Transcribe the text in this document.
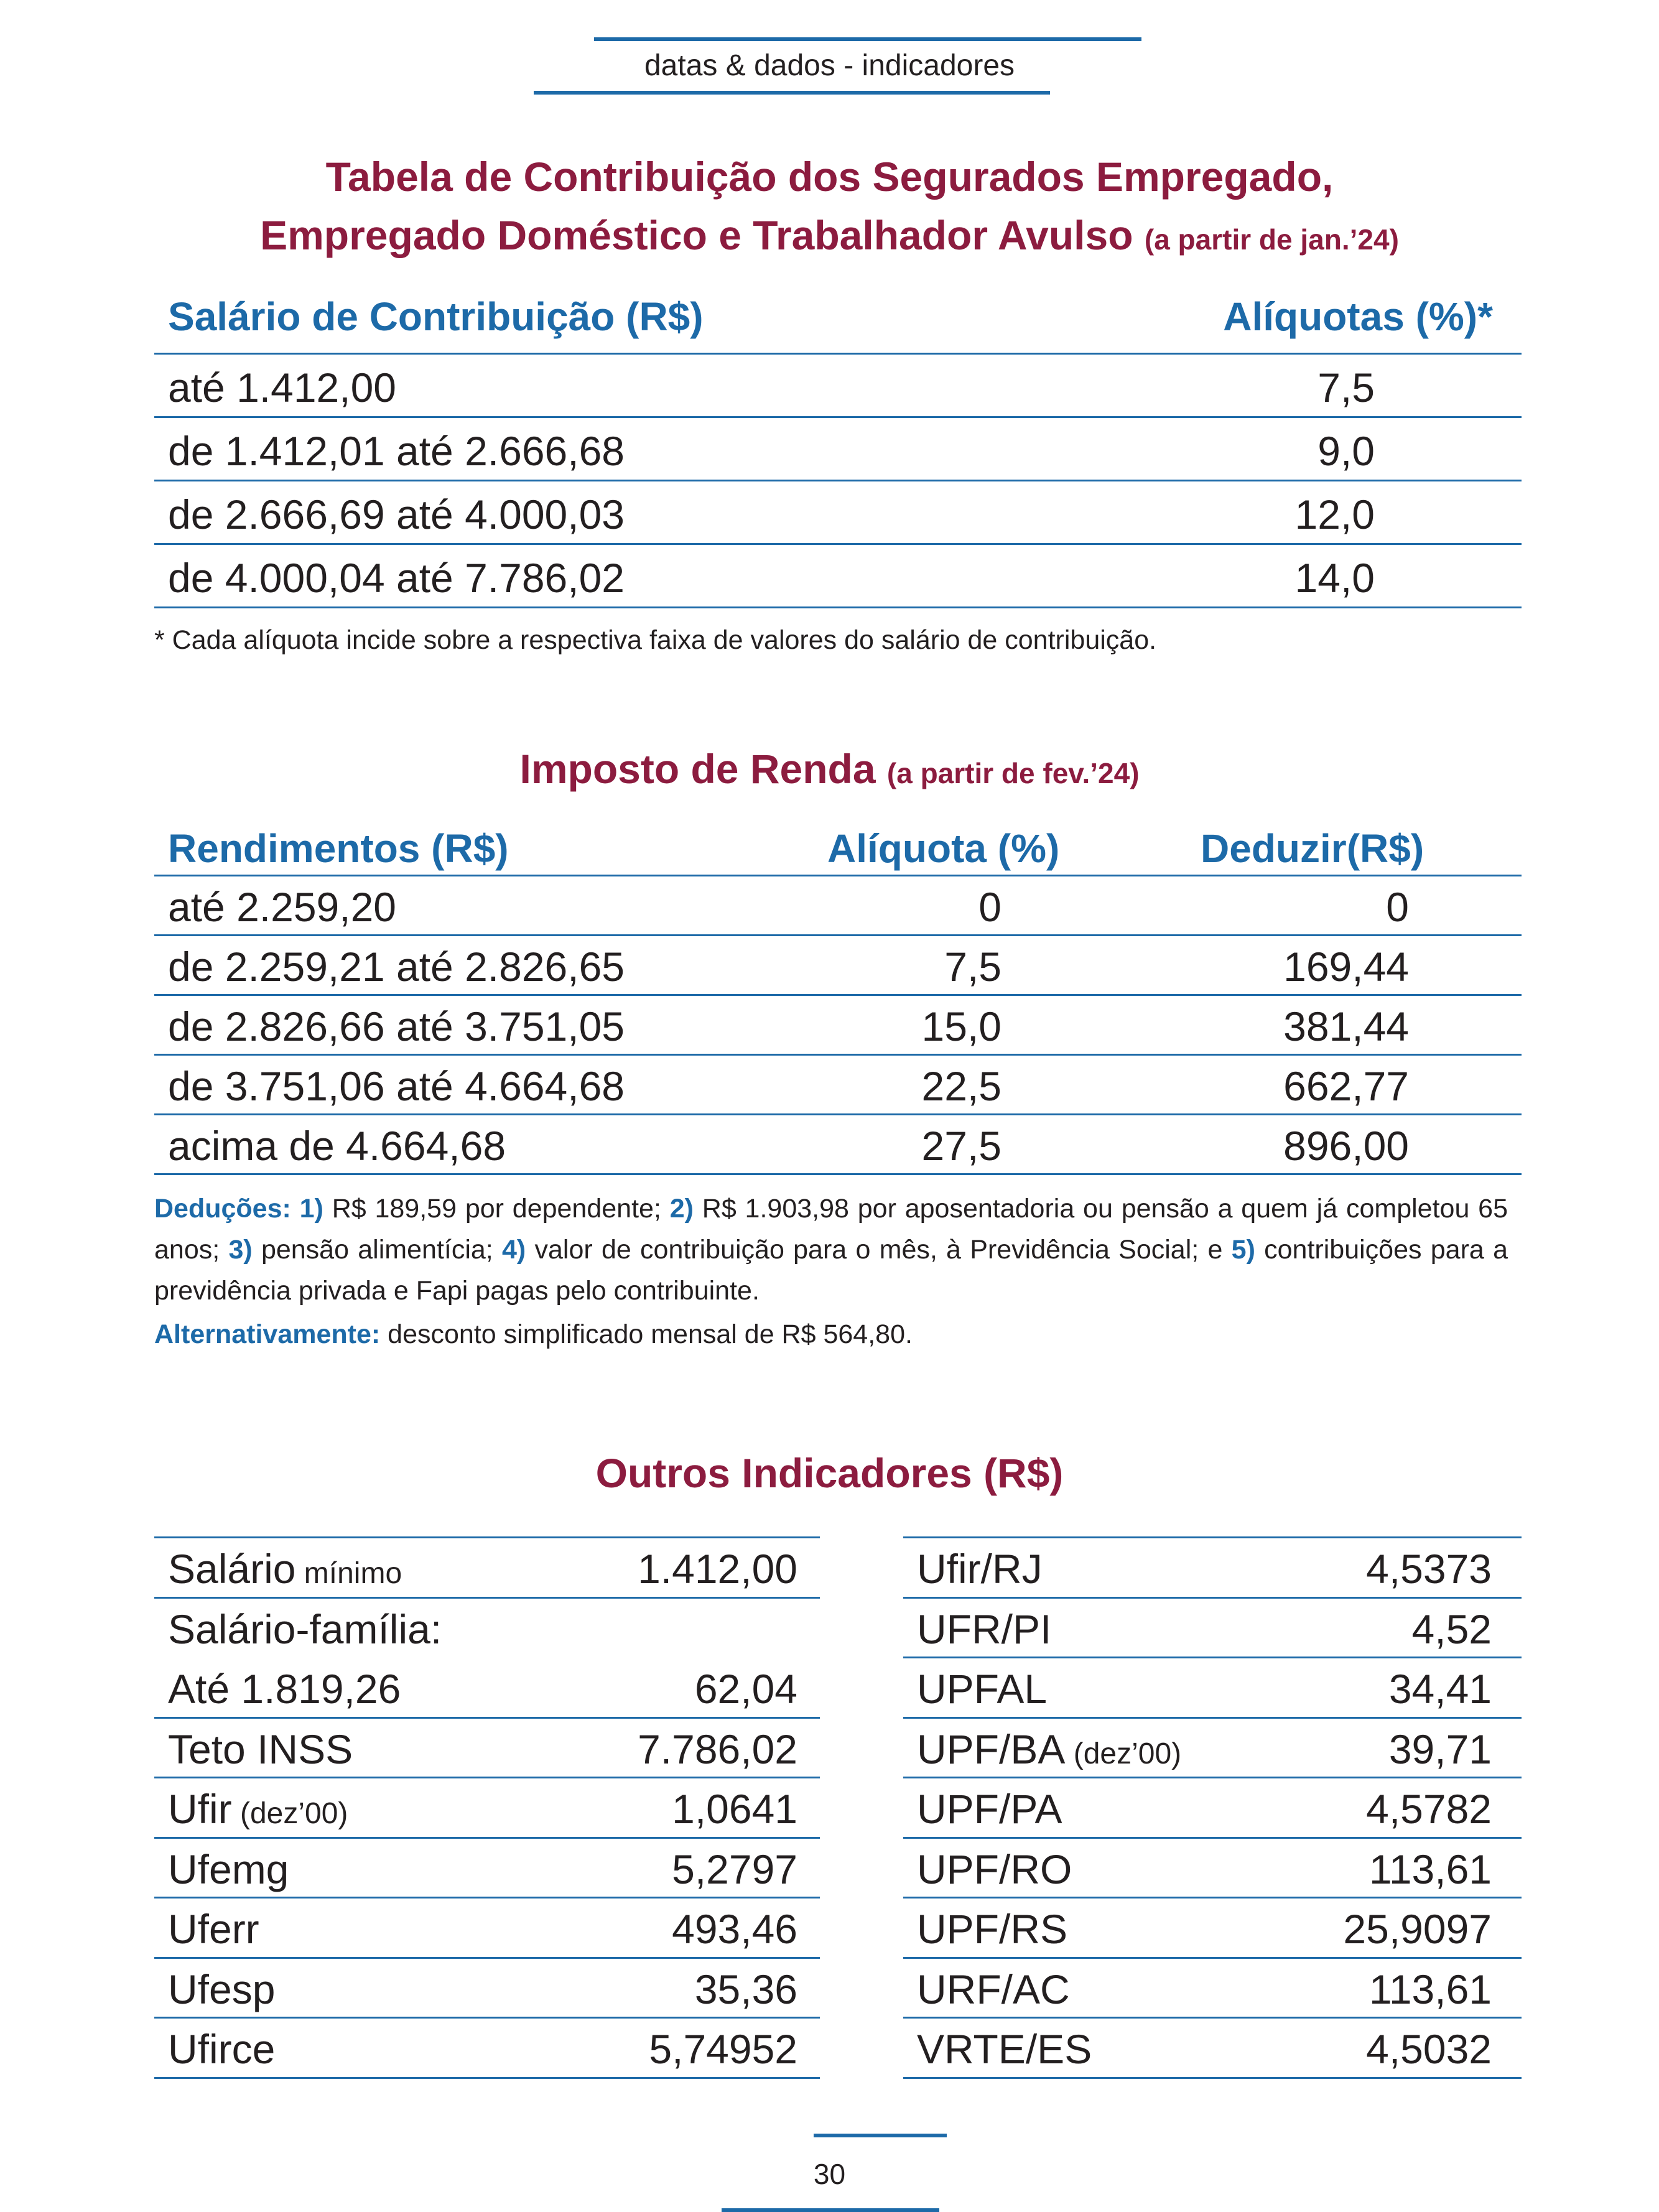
datas & dados - indicadores
Tabela de Contribuição dos Segurados Empregado,
Empregado Doméstico e Trabalhador Avulso (a partir de jan.’24)
Salário de Contribuição (R$)	Alíquotas (%)*
até 1.412,00	7,5
de 1.412,01 até 2.666,68	9,0
de 2.666,69 até 4.000,03	12,0
de 4.000,04 até 7.786,02	14,0
* Cada alíquota incide sobre a respectiva faixa de valores do salário de contribuição.
Imposto de Renda (a partir de fev.’24)
Rendimentos (R$)	Alíquota (%)	Deduzir(R$)
até 2.259,20	0	0
de 2.259,21 até 2.826,65	7,5	169,44
de 2.826,66 até 3.751,05	15,0	381,44
de 3.751,06 até 4.664,68	22,5	662,77
acima de 4.664,68	27,5	896,00
Deduções: 1) R$ 189,59 por dependente; 2) R$ 1.903,98 por aposentadoria ou pensão a quem já completou 65 anos; 3) pensão alimentícia; 4) valor de contribuição para o mês, à Previdência Social; e 5) contribuições para a previdência privada e Fapi pagas pelo contribuinte.
Alternativamente: desconto simplificado mensal de R$ 564,80.
Outros Indicadores (R$)
Salário mínimo	1.412,00
Salário-família:
Até 1.819,26	62,04
Teto INSS	7.786,02
Ufir (dez’00)	1,0641
Ufemg	5,2797
Uferr	493,46
Ufesp	35,36
Ufirce	5,74952
Ufir/RJ	4,5373
UFR/PI	4,52
UPFAL	34,41
UPF/BA (dez’00)	39,71
UPF/PA	4,5782
UPF/RO	113,61
UPF/RS	25,9097
URF/AC	113,61
VRTE/ES	4,5032
30
